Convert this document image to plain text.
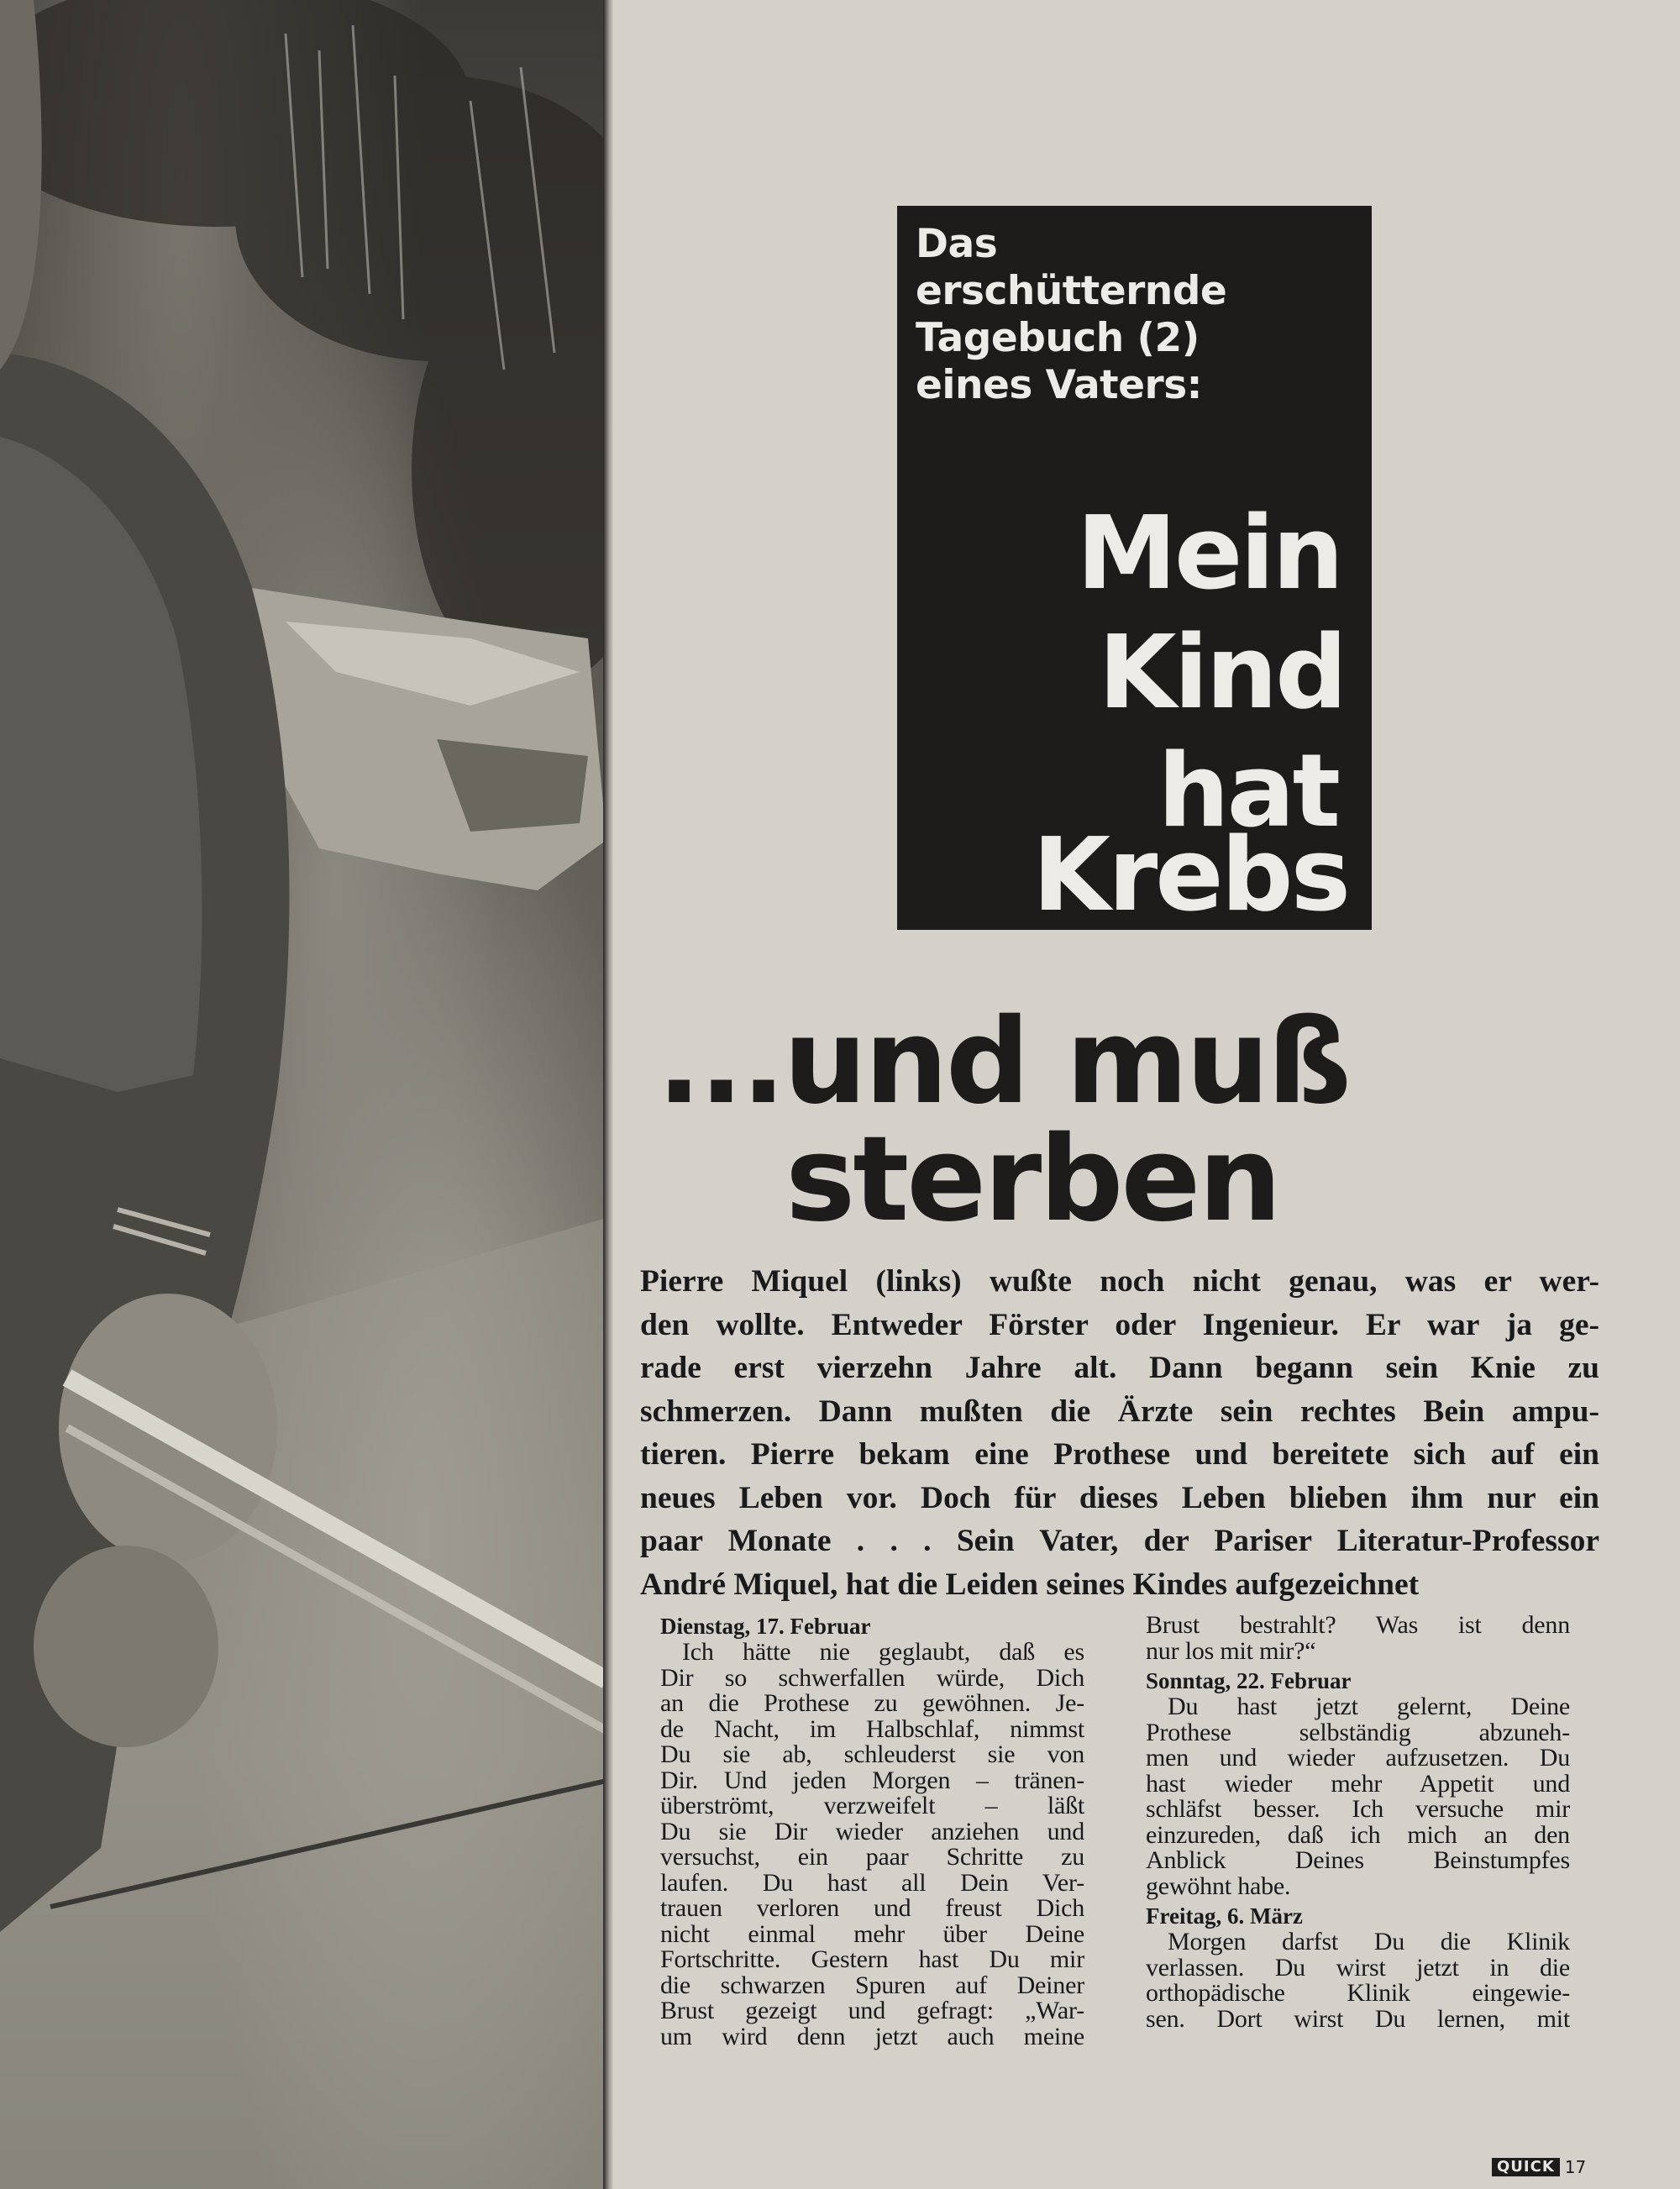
Das
erschütternde
Tagebuch (2)
eines Vaters:
Mein
Kind
hat
Krebs
...und muß
sterben

Pierre Miquel (links) wußte noch nicht genau, was er wer-
den wollte. Entweder Förster oder Ingenieur. Er war ja ge-
rade erst vierzehn Jahre alt. Dann begann sein Knie zu
schmerzen. Dann mußten die Ärzte sein rechtes Bein ampu-
tieren. Pierre bekam eine Prothese und bereitete sich auf ein
neues Leben vor. Doch für dieses Leben blieben ihm nur ein
paar Monate . . . Sein Vater, der Pariser Literatur-Professor
André Miquel, hat die Leiden seines Kindes aufgezeichnet

Dienstag, 17. Februar

Ich hätte nie geglaubt, daß es
Dir so schwerfallen würde, Dich
an die Prothese zu gewöhnen. Je-
de Nacht, im Halbschlaf, nimmst
Du sie ab, schleuderst sie von
Dir. Und jeden Morgen – tränen-
überströmt, verzweifelt – läßt
Du sie Dir wieder anziehen und
versuchst, ein paar Schritte zu
laufen. Du hast all Dein Ver-
trauen verloren und freust Dich
nicht einmal mehr über Deine
Fortschritte. Gestern hast Du mir
die schwarzen Spuren auf Deiner
Brust gezeigt und gefragt: „War-
um wird denn jetzt auch meine

Brust bestrahlt? Was ist denn
nur los mit mir?“

Sonntag, 22. Februar

Du hast jetzt gelernt, Deine
Prothese selbständig abzuneh-
men und wieder aufzusetzen. Du
hast wieder mehr Appetit und
schläfst besser. Ich versuche mir
einzureden, daß ich mich an den
Anblick Deines Beinstumpfes
gewöhnt habe.

Freitag, 6. März

Morgen darfst Du die Klinik
verlassen. Du wirst jetzt in die
orthopädische Klinik eingewie-
sen. Dort wirst Du lernen, mit

QUICK 17
